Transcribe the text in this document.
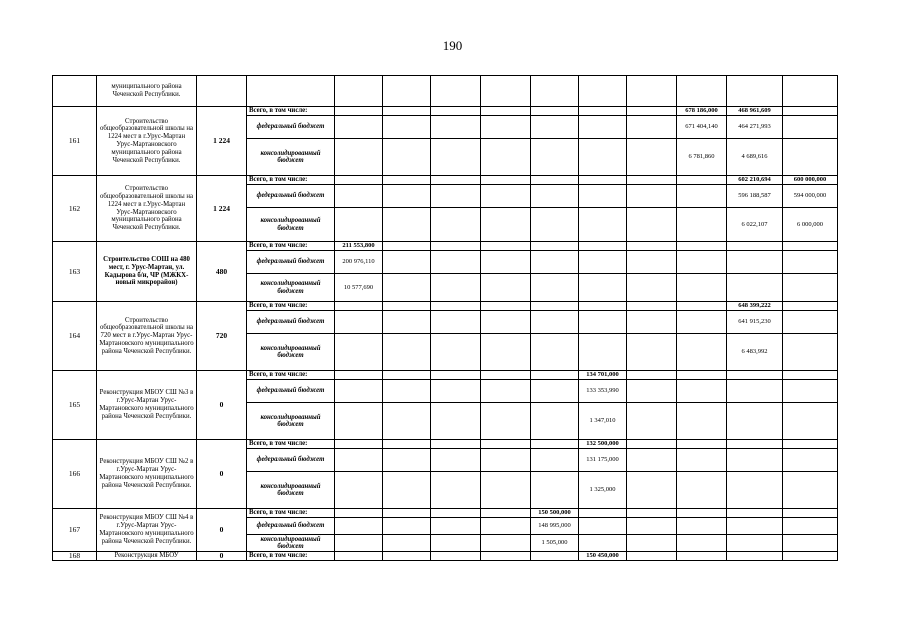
190
	муниципального района Чеченской Республики.												
161	Строительство общеобразовательной школы на 1224 мест в г.Урус-Мартан Урус-Мартановского муниципального района Чеченской Республики.	1 224	Всего, в том числе:								678 186,000	468 961,609	
			федеральный бюджет								671 404,140	464 271,993	
			консолидированный бюджет								6 781,860	4 689,616	
162	Строительство общеобразовательной школы на 1224 мест в г.Урус-Мартан Урус-Мартановского муниципального района Чеченской Республики.	1 224	Всего, в том числе:									602 210,694	600 000,000
			федеральный бюджет									596 188,587	594 000,000
			консолидированный бюджет									6 022,107	6 000,000
163	Строительство СОШ на 480 мест, г. Урус-Мартан, ул. Кадырова б/н, ЧР (МЖКХ- новый микрорайон)	480	Всего, в том числе:	211 553,800									
			федеральный бюджет	200 976,110									
			консолидированный бюджет	10 577,690									
164	Строительство общеобразовательной школы на 720 мест в г.Урус-Мартан Урус-Мартановского муниципального района Чеченской Республики.	720	Всего, в том числе:									648 399,222	
			федеральный бюджет									641 915,230	
			консолидированный бюджет									6 483,992	
165	Реконструкция МБОУ СШ №3 в г.Урус-Мартан Урус-Мартановского муниципального района Чеченской Республики.	0	Всего, в том числе:						134 701,000				
			федеральный бюджет						133 353,990				
			консолидированный бюджет						1 347,010				
166	Реконструкция МБОУ СШ №2 в г.Урус-Мартан Урус-Мартановского муниципального района Чеченской Республики.	0	Всего, в том числе:						132 500,000				
			федеральный бюджет						131 175,000				
			консолидированный бюджет						1 325,000				
167	Реконструкция МБОУ СШ №4 в г.Урус-Мартан Урус-Мартановского муниципального района Чеченской Республики.	0	Всего, в том числе:					150 500,000					
			федеральный бюджет					148 995,000					
			консолидированный бюджет					1 505,000					
168	Реконструкция МБОУ	0	Всего, в том числе:						150 450,000				
